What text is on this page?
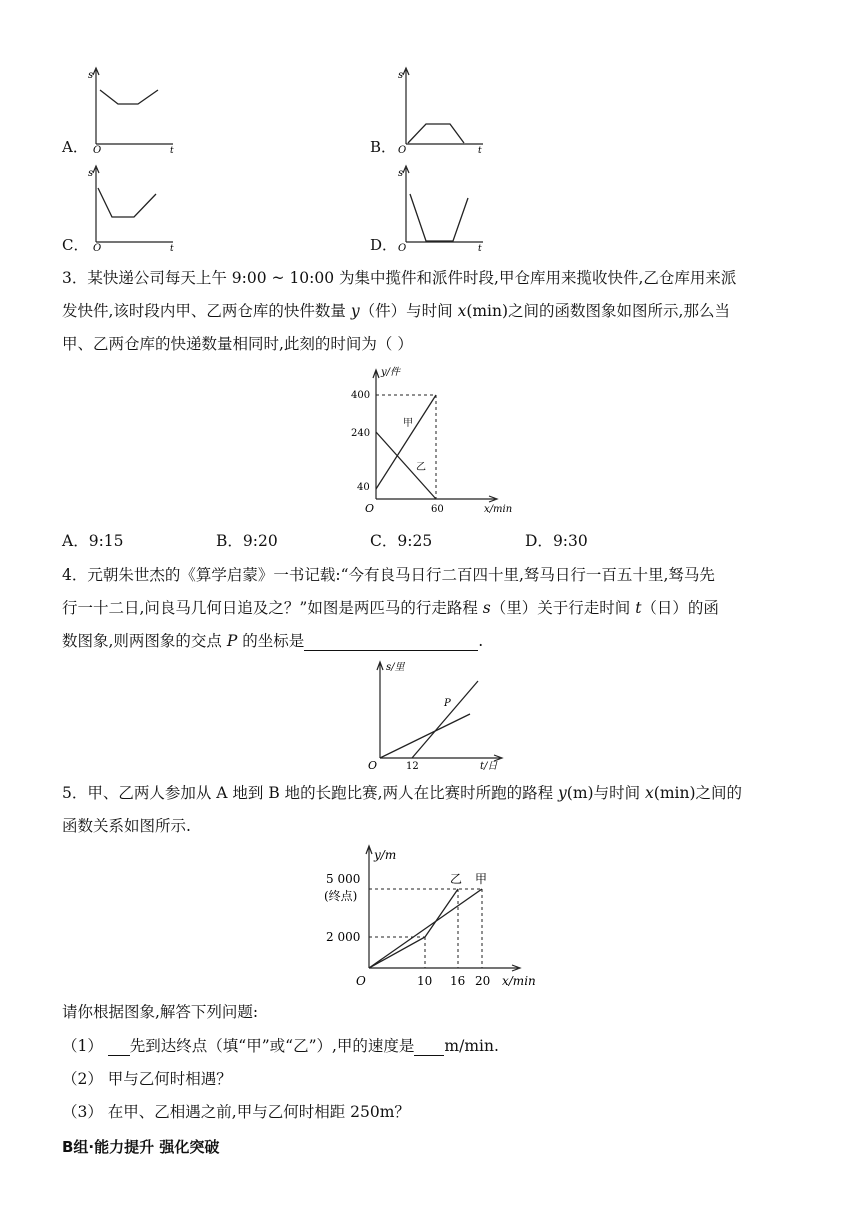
A．
s
O	t	B．
s
O	t
C．
s
O	t	D．
s
O	t
3．某快递公司每天上午 9:00 ~ 10:00 为集中揽件和派件时段,甲仓库用来揽收快件,乙仓库用来派
发快件,该时段内甲、乙两仓库的快件数量 y（件）与时间 x(min)之间的函数图象如图所示,那么当
甲、乙两仓库的快递数量相同时,此刻的时间为（ ）
y/件
400
240
40
O	60	x/min
甲
乙
A．9:15	B．9:20	C．9:25	D．9:30
4．元朝朱世杰的《算学启蒙》一书记载:“今有良马日行二百四十里,驽马日行一百五十里,驽马先
行一十二日,问良马几何日追及之？”如图是两匹马的行走路程 s（里）关于行走时间 t（日）的函
数图象,则两图象的交点 P 的坐标是	.
s/里
O	12	t/日
P
5．甲、乙两人参加从 A 地到 B 地的长跑比赛,两人在比赛时所跑的路程 y(m)与时间 x(min)之间的
函数关系如图所示.
y/m
5 000
(终点)
2 000
O	10 16 20 x/min
乙 甲
请你根据图象,解答下列问题:
（1） 先到达终点（填“甲”或“乙”）,甲的速度是 m/min.
（2） 甲与乙何时相遇？
（3） 在甲、乙相遇之前,甲与乙何时相距 250m？
B组·能力提升 强化突破
